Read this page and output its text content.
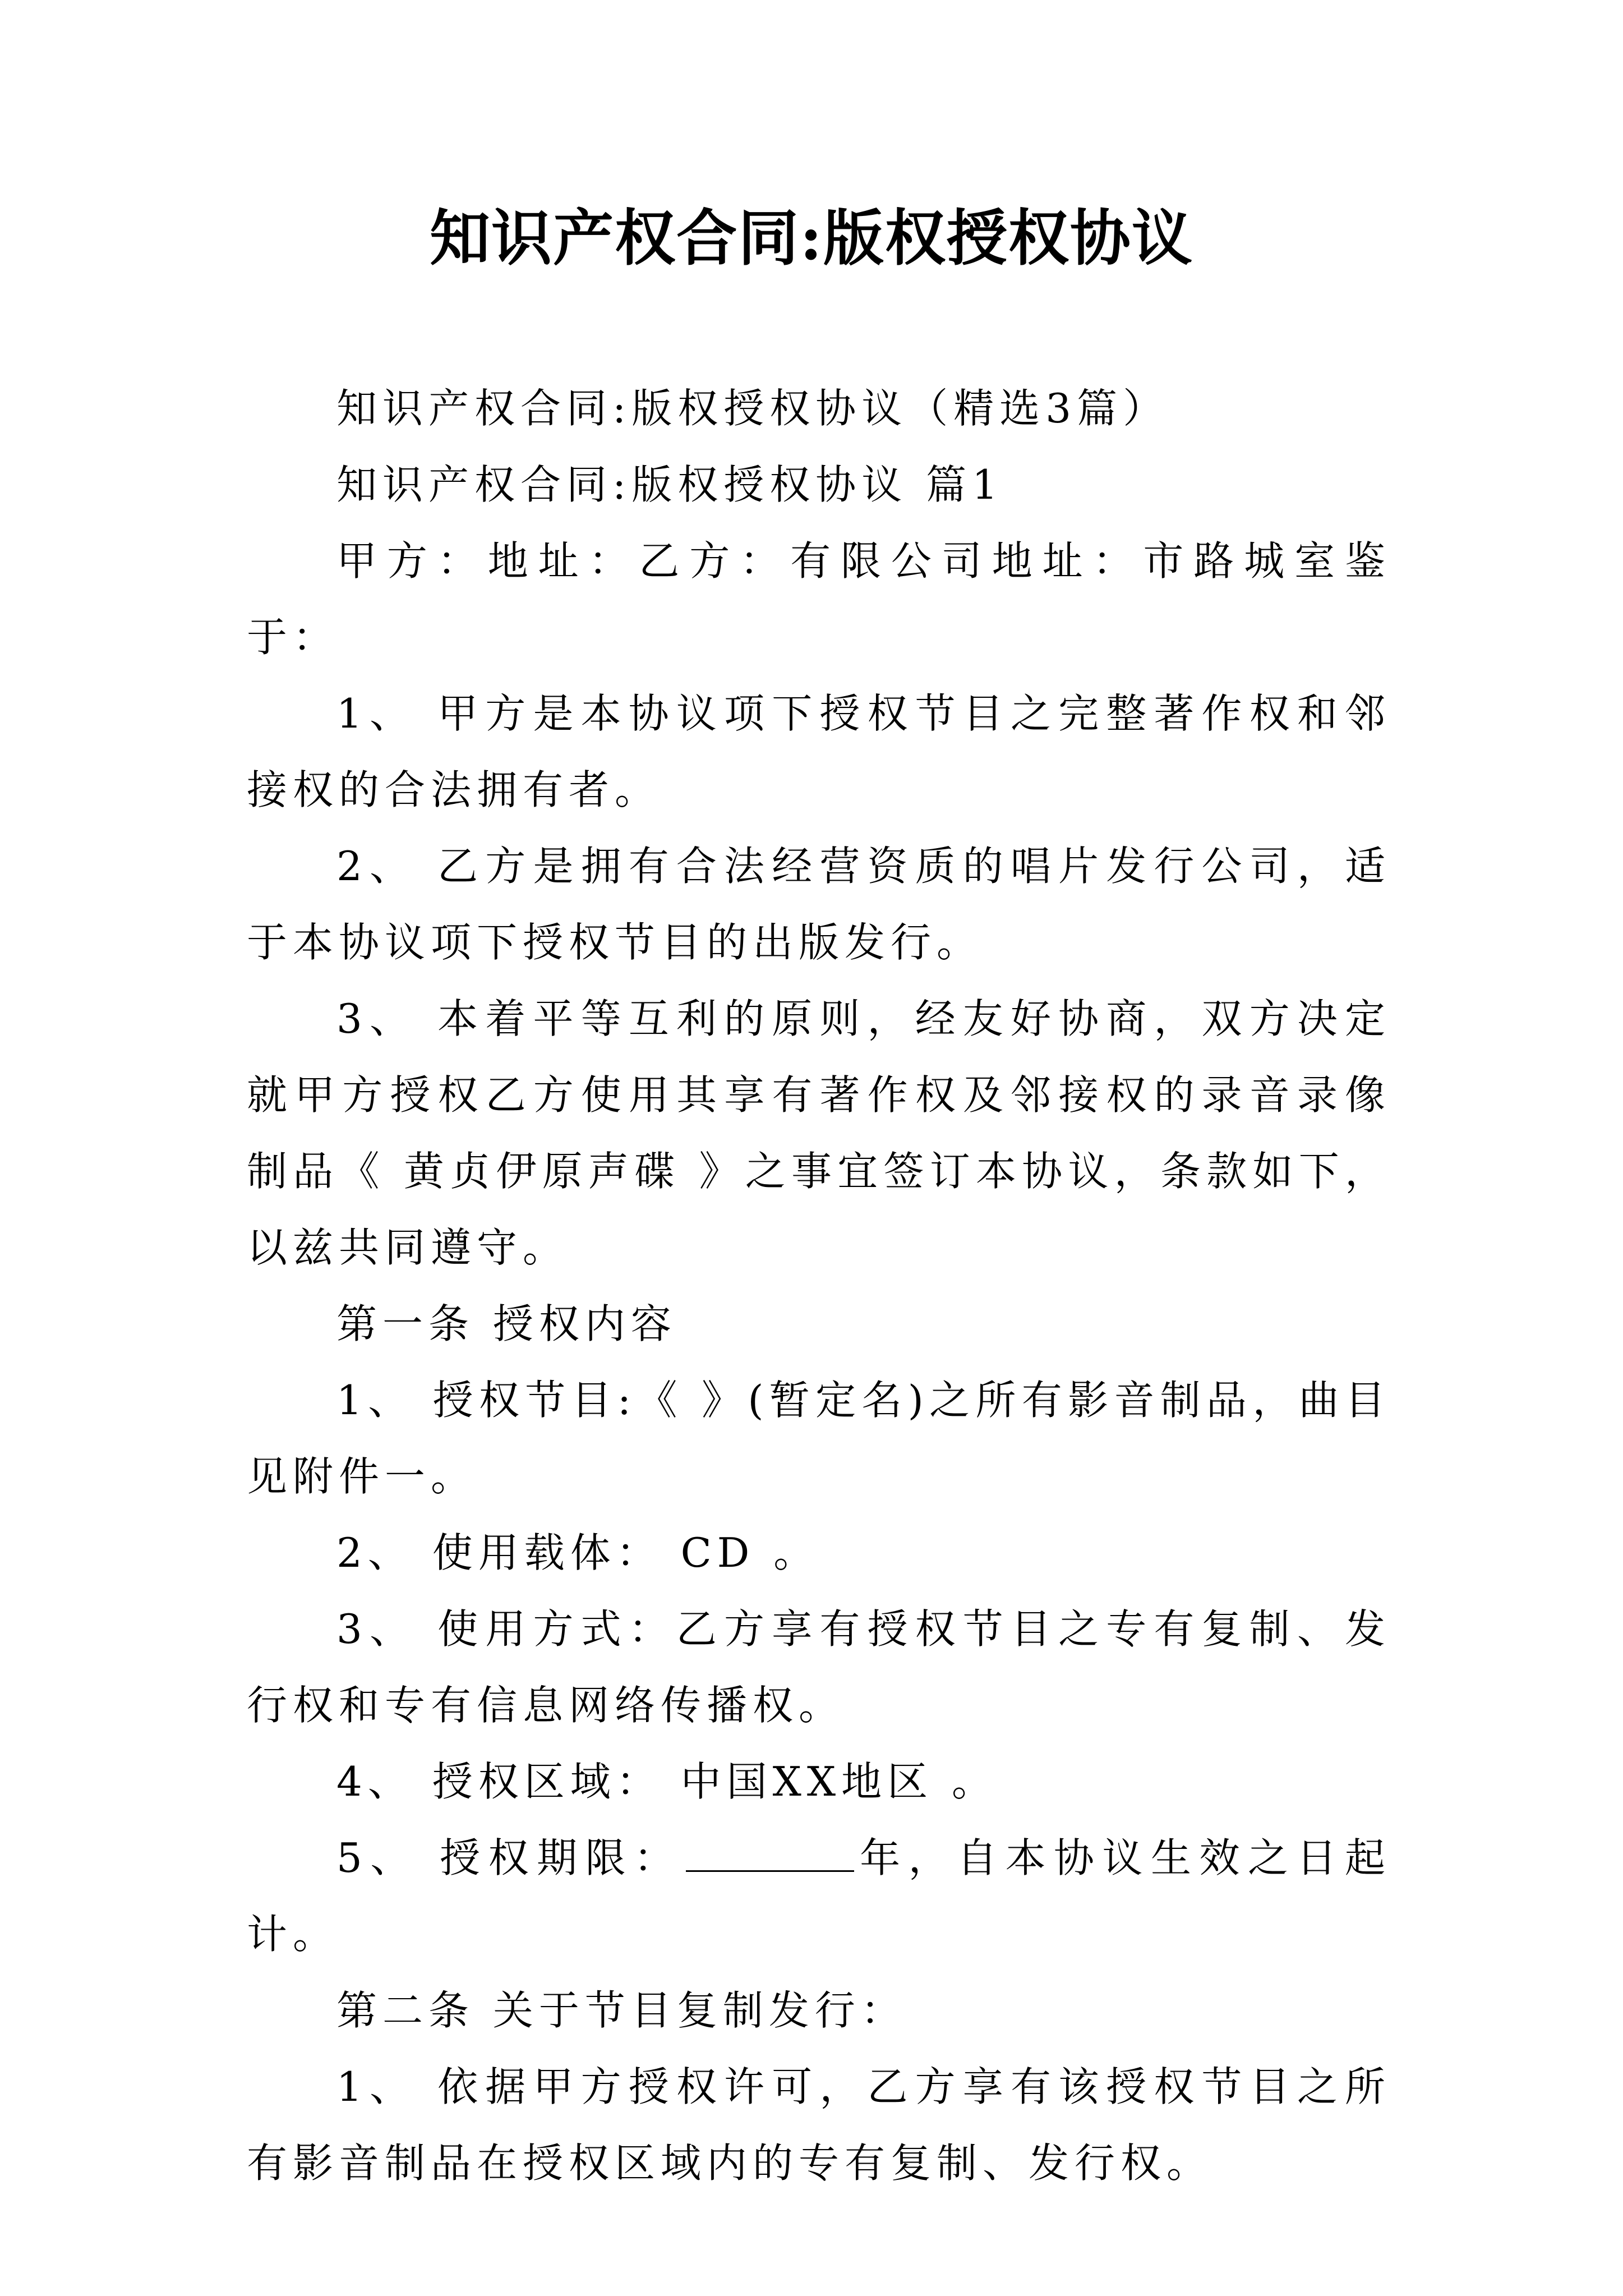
知识产权合同:版权授权协议

知识产权合同:版权授权协议（精选3篇）

知识产权合同:版权授权协议 篇1

甲方：地址：乙方：有限公司地址：市路城室鉴于：

1、 甲方是本协议项下授权节目之完整著作权和邻接权的合法拥有者。

2、 乙方是拥有合法经营资质的唱片发行公司，适于本协议项下授权节目的出版发行。

3、 本着平等互利的原则，经友好协商，双方决定就甲方授权乙方使用其享有著作权及邻接权的录音录像制品《 黄贞伊原声碟 》之事宜签订本协议，条款如下，以兹共同遵守。

第一条 授权内容

1、 授权节目:《 》(暂定名)之所有影音制品，曲目见附件一。

2、 使用载体： CD 。

3、 使用方式：乙方享有授权节目之专有复制、发行权和专有信息网络传播权。

4、 授权区域： 中国XX地区 。

5、 授权期限：	年，自本协议生效之日起计。

第二条 关于节目复制发行：

1、 依据甲方授权许可，乙方享有该授权节目之所有影音制品在授权区域内的专有复制、发行权。
